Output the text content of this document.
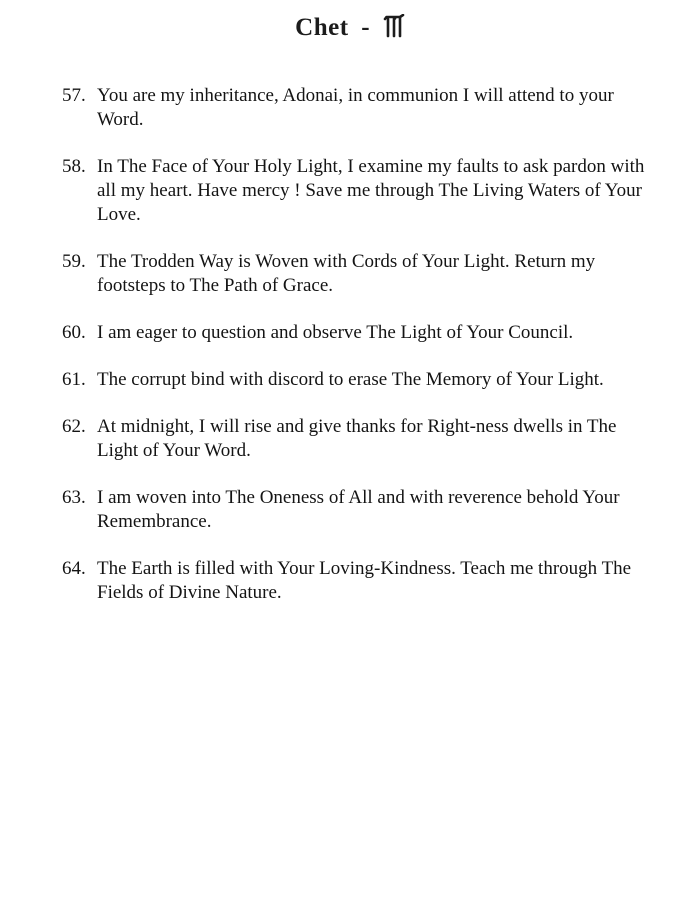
Chet -
57. You are my inheritance, Adonai, in communion I will attend to your Word.
58. In The Face of Your Holy Light, I examine my faults to ask pardon with all my heart. Have mercy ! Save me through The Living Waters of Your Love.
59. The Trodden Way is Woven with Cords of Your Light. Return my footsteps to The Path of Grace.
60. I am eager to question and observe The Light of Your Council.
61. The corrupt bind with discord to erase The Memory of Your Light.
62. At midnight, I will rise and give thanks for Right-ness dwells in The Light of Your Word.
63. I am woven into The Oneness of All and with reverence behold Your Remembrance.
64. The Earth is filled with Your Loving-Kindness. Teach me through The Fields of Divine Nature.
